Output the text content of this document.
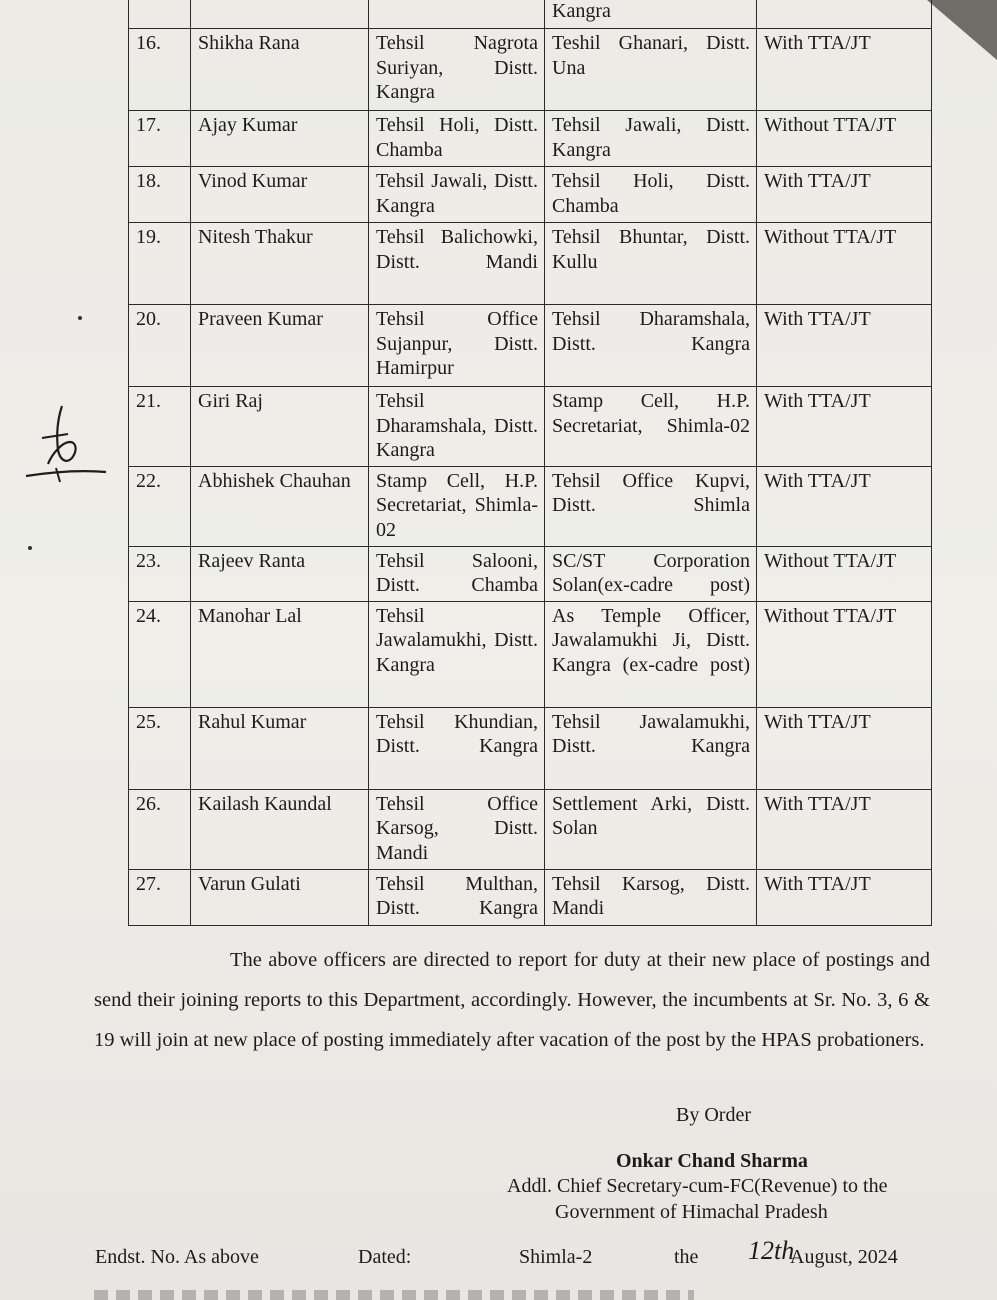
			Kangra	
16.	Shikha Rana	Tehsil Nagrota Suriyan, Distt. Kangra	Teshil Ghanari, Distt. Una	With TTA/JT
17.	Ajay Kumar	Tehsil Holi, Distt. Chamba	Tehsil Jawali, Distt. Kangra	Without TTA/JT
18.	Vinod Kumar	Tehsil Jawali, Distt. Kangra	Tehsil Holi, Distt. Chamba	With TTA/JT
19.	Nitesh Thakur	Tehsil Balichowki, Distt. Mandi	Tehsil Bhuntar, Distt. Kullu	Without TTA/JT
20.	Praveen Kumar	Tehsil Office Sujanpur, Distt. Hamirpur	Tehsil Dharamshala, Distt. Kangra	With TTA/JT
21.	Giri Raj	Tehsil Dharamshala, Distt. Kangra	Stamp Cell, H.P. Secretariat, Shimla-02	With TTA/JT
22.	Abhishek Chauhan	Stamp Cell, H.P. Secretariat, Shimla-02	Tehsil Office Kupvi, Distt. Shimla	With TTA/JT
23.	Rajeev Ranta	Tehsil Salooni, Distt. Chamba	SC/ST Corporation Solan(ex-cadre post)	Without TTA/JT
24.	Manohar Lal	Tehsil Jawalamukhi, Distt. Kangra	As Temple Officer, Jawalamukhi Ji, Distt. Kangra (ex-cadre post)	Without TTA/JT
25.	Rahul Kumar	Tehsil Khundian, Distt. Kangra	Tehsil Jawalamukhi, Distt. Kangra	With TTA/JT
26.	Kailash Kaundal	Tehsil Office Karsog, Distt. Mandi	Settlement Arki, Distt. Solan	With TTA/JT
27.	Varun Gulati	Tehsil Multhan, Distt. Kangra	Tehsil Karsog, Distt. Mandi	With TTA/JT
The above officers are directed to report for duty at their new place of postings and send their joining reports to this Department, accordingly. However, the incumbents at Sr. No. 3, 6 & 19 will join at new place of posting immediately after vacation of the post by the HPAS probationers.
By Order
Onkar Chand Sharma
Addl. Chief Secretary-cum-FC(Revenue) to the
Government of Himachal Pradesh
Endst. No. As above	Dated:	Shimla-2	the 12th
August, 2024
